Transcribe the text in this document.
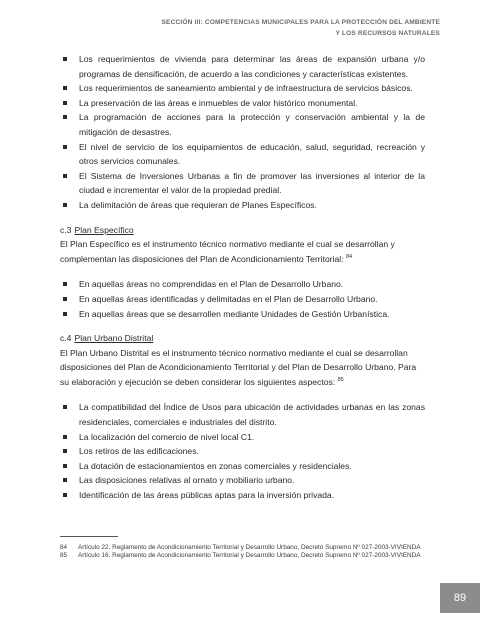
SECCIÓN III: COMPETENCIAS MUNICIPALES PARA LA PROTECCIÓN DEL AMBIENTE
Y LOS RECURSOS NATURALES
Los requerimientos de vivienda para determinar las áreas de expansión urbana y/o programas de densificación, de acuerdo a las condiciones y características existentes.
Los requerimientos de saneamiento ambiental y de infraestructura de servicios básicos.
La preservación de las áreas e inmuebles de valor histórico monumental.
La programación de acciones para la protección y conservación ambiental y la de mitigación de desastres.
El nivel de servicio de los equipamientos de educación, salud, seguridad, recreación y otros servicios comunales.
El Sistema de Inversiones Urbanas a fin de promover las inversiones al interior de la ciudad e incrementar el valor de la propiedad predial.
La delimitación de áreas que requieran de Planes Específicos.
c.3 Plan Específico

El Plan Específico es el instrumento técnico normativo mediante el cual se desarrollan y complementan las disposiciones del Plan de Acondicionamiento Territorial: $^{84}$

En aquellas áreas no comprendidas en el Plan de Desarrollo Urbano.
En aquellas áreas identificadas y delimitadas en el Plan de Desarrollo Urbano.
En aquellas áreas que se desarrollen mediante Unidades de Gestión Urbanística.
c.4 Plan Urbano Distrital

El Plan Urbano Distrital es el instrumento técnico normativo mediante el cual se desarrollan disposiciones del Plan de Acondicionamiento Territorial y del Plan de Desarrollo Urbano. Para su elaboración y ejecución se deben considerar los siguientes aspectos: $^{85}$

La compatibilidad del Índice de Usos para ubicación de actividades urbanas en las zonas residenciales, comerciales e industriales del distrito.
La localización del comercio de nivel local C1.
Los retiros de las edificaciones.
La dotación de estacionamientos en zonas comerciales y residenciales.
Las disposiciones relativas al ornato y mobiliario urbano.
Identificación de las áreas públicas aptas para la inversión privada.
84 Artículo 22. Reglamento de Acondicionamiento Territorial y Desarrollo Urbano, Decreto Supremo Nº 027-2003-VIVIENDA
85 Artículo 16. Reglamento de Acondicionamiento Territorial y Desarrollo Urbano, Decreto Supremo Nº 027-2003-VIVIENDA
89
